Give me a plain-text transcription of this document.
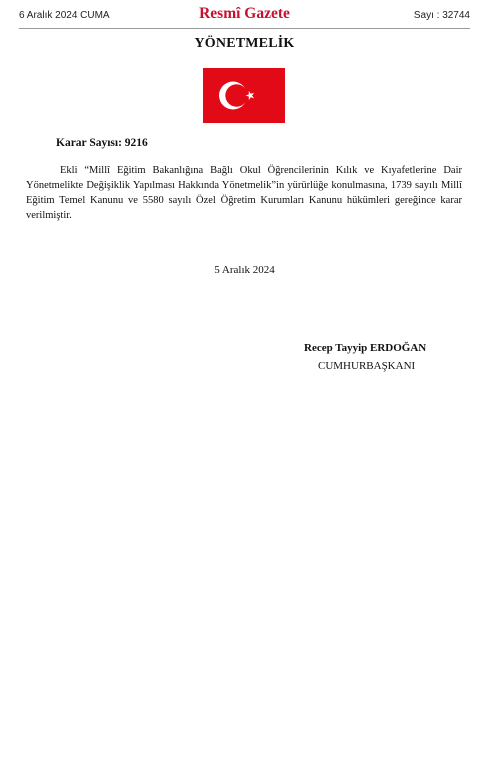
6 Aralık 2024 CUMA	Resmî Gazete	Sayı : 32744
YÖNETMELİK
Karar Sayısı: 9216
Ekli “Millî Eğitim Bakanlığına Bağlı Okul Öğrencilerinin Kılık ve Kıyafetlerine Dair Yönetmelikte Değişiklik Yapılması Hakkında Yönetmelik”in yürürlüğe konulmasına, 1739 sayılı Millî Eğitim Temel Kanunu ve 5580 sayılı Özel Öğretim Kurumları Kanunu hükümleri gereğince karar verilmiştir.
5 Aralık 2024
Recep Tayyip ERDOĞAN
CUMHURBAŞKANI
